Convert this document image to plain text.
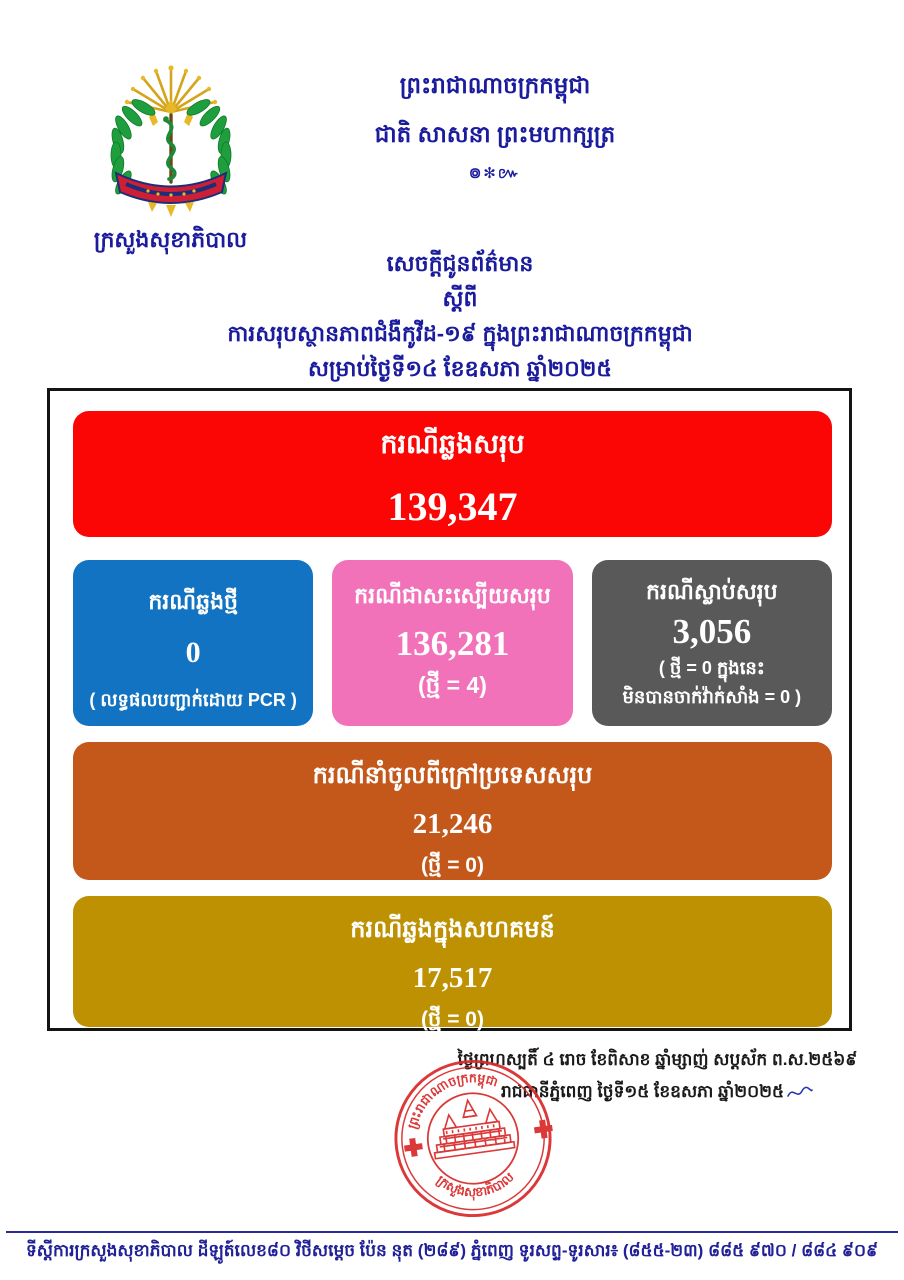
ក្រសួងសុខាភិបាល
ព្រះរាជាណាចក្រកម្ពុជា
ជាតិ សាសនា ព្រះមហាក្សត្រ
៙✻៚
សេចក្តីជូនព័ត៌មាន
ស្តីពី
ការសរុបស្ថានភាពជំងឺកូវីដ-១៩ ក្នុងព្រះរាជាណាចក្រកម្ពុជា
សម្រាប់ថ្ងៃទី១៤ ខែឧសភា ឆ្នាំ២០២៥
ករណីឆ្លងសរុប
139,347
ករណីឆ្លងថ្មី
0
( លទ្ធផលបញ្ជាក់ដោយ PCR )
ករណីជាសះស្បើយសរុប
136,281
(ថ្មី = 4)
ករណីស្លាប់សរុប
3,056
( ថ្មី = 0 ក្នុងនេះ
មិនបានចាក់វ៉ាក់សាំង = 0 )
ករណីនាំចូលពីក្រៅប្រទេសសរុប
21,246
(ថ្មី = 0)
ករណីឆ្លងក្នុងសហគមន៍
17,517
(ថ្មី = 0)
ថ្ងៃព្រហស្បតិ៍ ៤ រោច ខែពិសាខ ឆ្នាំម្សាញ់ សប្តស័ក ព.ស.២៥៦៩
រាជធានីភ្នំពេញ ថ្ងៃទី១៥ ខែឧសភា ឆ្នាំ២០២៥
ព្រះរាជាណាចក្រកម្ពុជា
ក្រសួងសុខាភិបាល
ទីស្តីការក្រសួងសុខាភិបាល ដីឡូត៍លេខ៨០ វិថីសម្តេច ប៉ែន នុត (២៨៩) ភ្នំពេញ ទូរសព្ទ-ទូរសារ៖ (៨៥៥-២៣) ៨៨៥ ៩៧០ / ៨៨៤ ៩០៩
